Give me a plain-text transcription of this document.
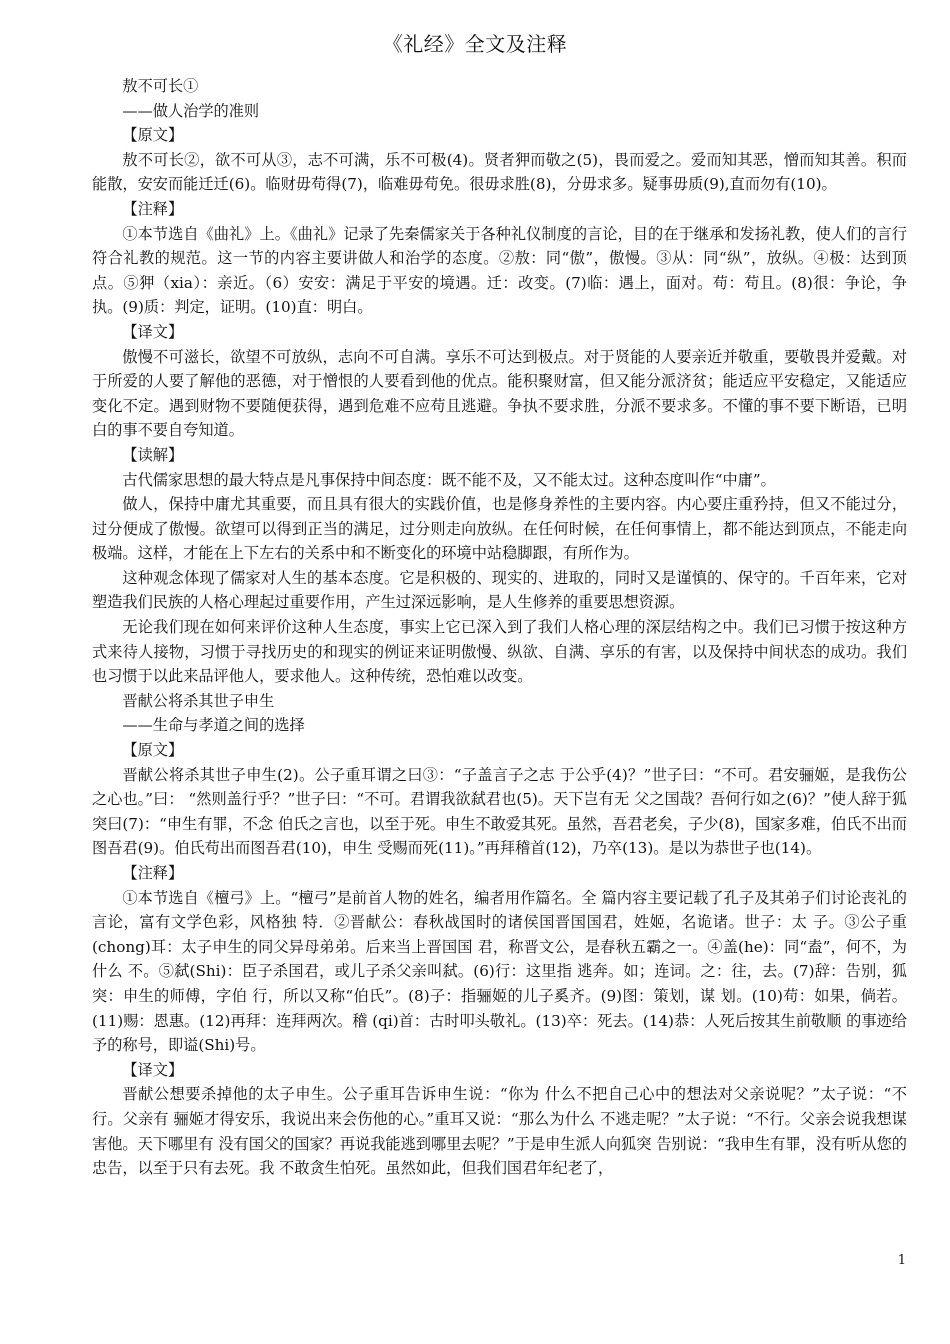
《礼经》全文及注释
敖不可长①
——做人治学的准则
【原文】

敖不可长②，欲不可从③，志不可满，乐不可极(4)。贤者狎而敬之(5)，畏而爱之。爱而知其恶，憎而知其善。积而能散，安安而能迁迁(6)。临财毋苟得(7)，临难毋苟免。很毋求胜(8)，分毋求多。疑事毋质(9),直而勿有(10)。

【注释】

①本节选自《曲礼》上。《曲礼》记录了先秦儒家关于各种礼仪制度的言论，目的在于继承和发扬礼教，使人们的言行符合礼教的规范。这一节的内容主要讲做人和治学的态度。②敖：同“傲”，傲慢。③从：同“纵”，放纵。④极：达到顶点。⑤狎（xia）：亲近。（6）安安：满足于平安的境遇。迁：改变。(7)临：遇上，面对。苟：苟且。(8)很：争论，争执。(9)质：判定，证明。(10)直：明白。

【译文】

傲慢不可滋长，欲望不可放纵，志向不可自满。享乐不可达到极点。对于贤能的人要亲近并敬重，要敬畏并爱戴。对于所爱的人要了解他的恶德，对于憎恨的人要看到他的优点。能积聚财富，但又能分派济贫；能适应平安稳定，又能适应变化不定。遇到财物不要随便获得，遇到危难不应苟且逃避。争执不要求胜，分派不要求多。不懂的事不要下断语，已明白的事不要自夸知道。

【读解】

古代儒家思想的最大特点是凡事保持中间态度：既不能不及，又不能太过。这种态度叫作“中庸”。

做人，保持中庸尤其重要，而且具有很大的实践价值，也是修身养性的主要内容。内心要庄重矜持，但又不能过分，过分便成了傲慢。欲望可以得到正当的满足，过分则走向放纵。在任何时候，在任何事情上，都不能达到顶点，不能走向极端。这样，才能在上下左右的关系中和不断变化的环境中站稳脚跟，有所作为。

这种观念体现了儒家对人生的基本态度。它是积极的、现实的、进取的，同时又是谨慎的、保守的。千百年来，它对塑造我们民族的人格心理起过重要作用，产生过深远影响，是人生修养的重要思想资源。

无论我们现在如何来评价这种人生态度，事实上它已深入到了我们人格心理的深层结构之中。我们已习惯于按这种方式来待人接物，习惯于寻找历史的和现实的例证来证明傲慢、纵欲、自满、享乐的有害，以及保持中间状态的成功。我们也习惯于以此来品评他人，要求他人。这种传统，恐怕难以改变。

晋献公将杀其世子申生
——生命与孝道之间的选择
【原文】

晋献公将杀其世子申生(2)。公子重耳谓之曰③：“子盖言子之志 于公乎(4)？”世子曰：“不可。君安骊姬，是我伤公之心也。”曰： “然则盖行乎？”世子曰：“不可。君谓我欲弑君也(5)。天下岂有无 父之国哉？吾何行如之(6)？”使人辞于狐突曰(7)：“申生有罪，不念 伯氏之言也，以至于死。申生不敢爱其死。虽然，吾君老矣，子少(8)，国家多难，伯氏不出而图吾君(9)。伯氏苟出而图吾君(10)，申生 受赐而死(11)。”再拜稽首(12)，乃卒(13)。是以为恭世子也(14)。

【注释】

①本节选自《檀弓》上。“檀弓”是前首人物的姓名，编者用作篇名。全 篇内容主要记载了孔子及其弟子们讨论丧礼的言论，富有文学色彩，风格独 特．②晋献公：春秋战国时的诸侯国晋国国君，姓姬，名诡诸。世子：太 子。③公子重(chong)耳：太子申生的同父异母弟弟。后来当上晋国国 君，称晋文公，是春秋五霸之一。④盖(he)：同“盍”，何不，为什么 不。⑤弑(Shi)：臣子杀国君，或儿子杀父亲叫弑。(6)行：这里指 逃奔。如；连词。之：往，去。(7)辞：告别，狐突：申生的师傅，字伯 行，所以又称“伯氏”。(8)子：指骊姬的儿子奚齐。(9)图：策划，谋 划。(10)苟：如果，倘若。(11)赐：恩惠。(12)再拜：连拜两次。稽 (qi)首：古时叩头敬礼。(13)卒：死去。(14)恭：人死后按其生前敬顺 的事迹给予的称号，即谥(Shi)号。

【译文】

晋献公想要杀掉他的太子申生。公子重耳告诉申生说：“你为 什么不把自己心中的想法对父亲说呢？”太子说：“不行。父亲有 骊姬才得安乐，我说出来会伤他的心。”重耳又说：“那么为什么 不逃走呢？”太子说：“不行。父亲会说我想谋害他。天下哪里有 没有国父的国家？再说我能逃到哪里去呢？”于是申生派人向狐突 告别说：“我申生有罪，没有听从您的忠告，以至于只有去死。我 不敢贪生怕死。虽然如此，但我们国君年纪老了，

1
